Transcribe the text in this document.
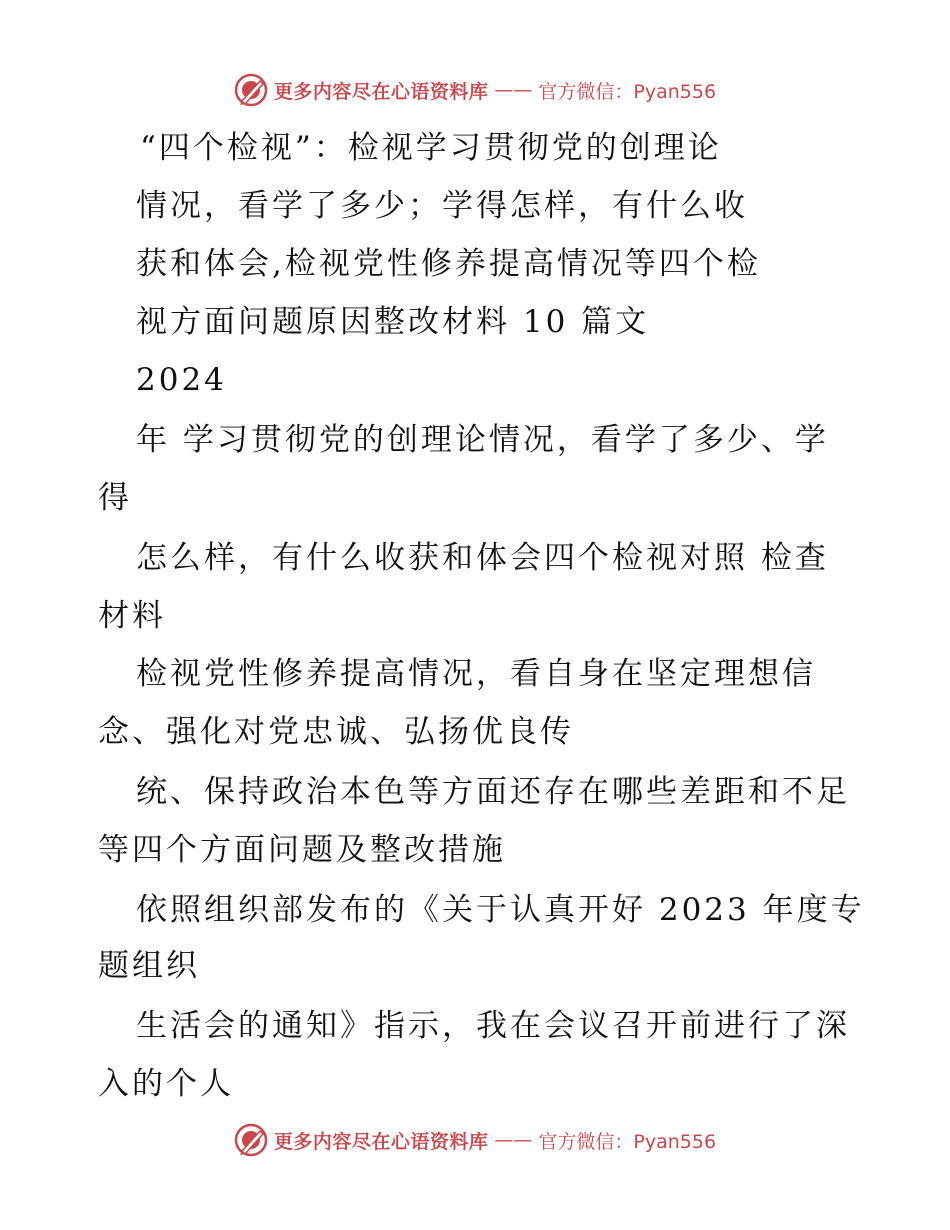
更多内容尽在心语资料库 —— 官方微信：Pyan556
“四个检视”：检视学习贯彻党的创理论
情况，看学了多少；学得怎样，有什么收
获和体会,检视党性修养提高情况等四个检
视方面问题原因整改材料 10 篇文
2024
年 学习贯彻党的创理论情况，看学了多少、学
得
怎么样，有什么收获和体会四个检视对照 检查
材料
检视党性修养提高情况，看自身在坚定理想信
念、强化对党忠诚、弘扬优良传
统、保持政治本色等方面还存在哪些差距和不足
等四个方面问题及整改措施
依照组织部发布的《关于认真开好 2023 年度专
题组织
生活会的通知》指示，我在会议召开前进行了深
入的个人
更多内容尽在心语资料库 —— 官方微信：Pyan556
